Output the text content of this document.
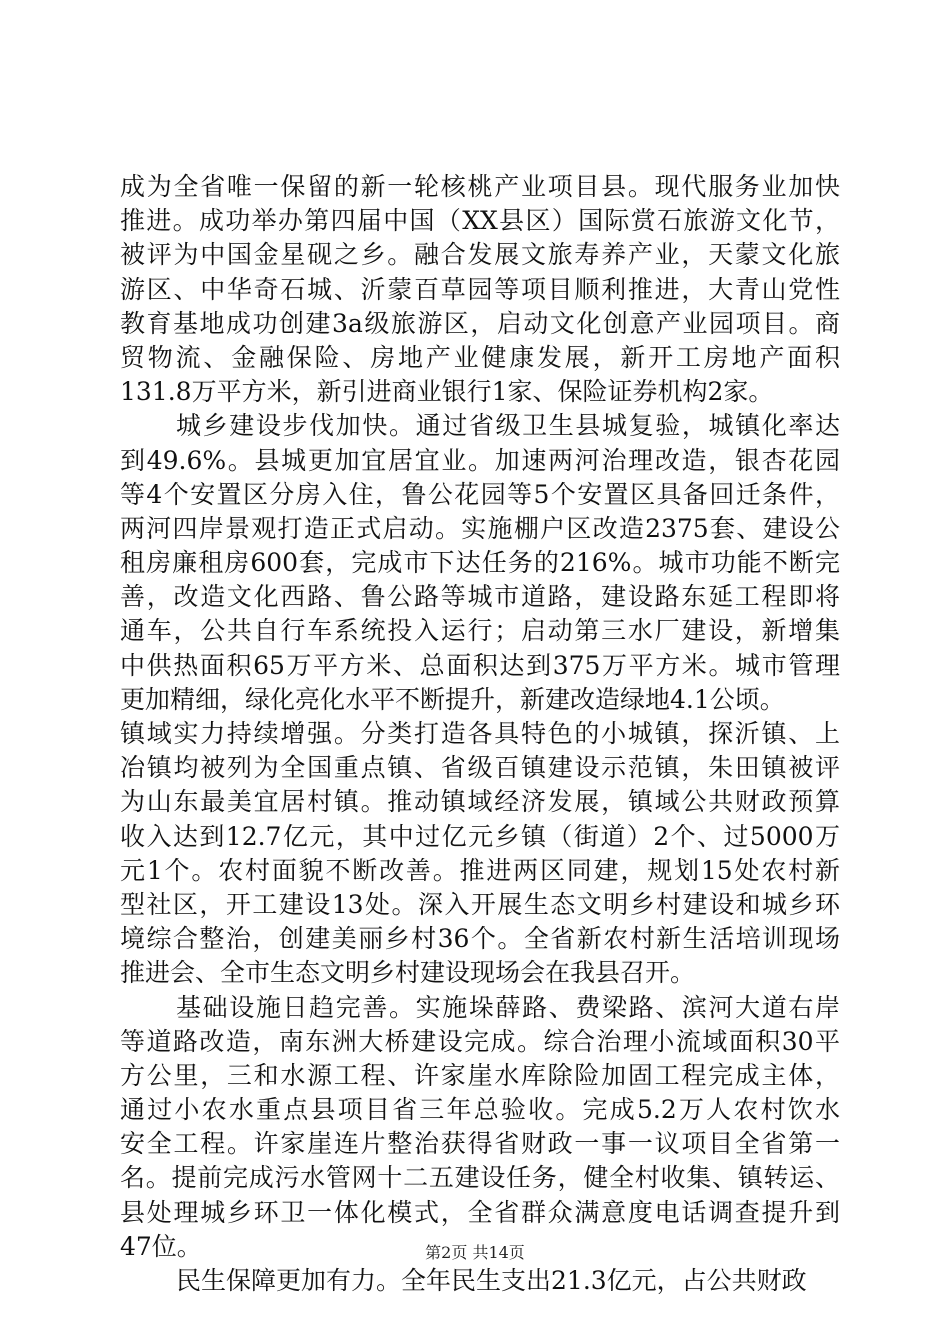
成为全省唯一保留的新一轮核桃产业项目县。现代服务业加快
推进。成功举办第四届中国（XX县区）国际赏石旅游文化节，
被评为中国金星砚之乡。融合发展文旅寿养产业，天蒙文化旅
游区、中华奇石城、沂蒙百草园等项目顺利推进，大青山党性
教育基地成功创建3a级旅游区，启动文化创意产业园项目。商
贸物流、金融保险、房地产业健康发展，新开工房地产面积
131.8万平方米，新引进商业银行1家、保险证券机构2家。
城乡建设步伐加快。通过省级卫生县城复验，城镇化率达
到49.6%。县城更加宜居宜业。加速两河治理改造，银杏花园
等4个安置区分房入住，鲁公花园等5个安置区具备回迁条件，
两河四岸景观打造正式启动。实施棚户区改造2375套、建设公
租房廉租房600套，完成市下达任务的216%。城市功能不断完
善，改造文化西路、鲁公路等城市道路，建设路东延工程即将
通车，公共自行车系统投入运行；启动第三水厂建设，新增集
中供热面积65万平方米、总面积达到375万平方米。城市管理
更加精细，绿化亮化水平不断提升，新建改造绿地4.1公顷。
镇域实力持续增强。分类打造各具特色的小城镇，探沂镇、上
冶镇均被列为全国重点镇、省级百镇建设示范镇，朱田镇被评
为山东最美宜居村镇。推动镇域经济发展，镇域公共财政预算
收入达到12.7亿元，其中过亿元乡镇（街道）2个、过5000万
元1个。农村面貌不断改善。推进两区同建，规划15处农村新
型社区，开工建设13处。深入开展生态文明乡村建设和城乡环
境综合整治，创建美丽乡村36个。全省新农村新生活培训现场
推进会、全市生态文明乡村建设现场会在我县召开。
基础设施日趋完善。实施垛薛路、费梁路、滨河大道右岸
等道路改造，南东洲大桥建设完成。综合治理小流域面积30平
方公里，三和水源工程、许家崖水库除险加固工程完成主体，
通过小农水重点县项目省三年总验收。完成5.2万人农村饮水
安全工程。许家崖连片整治获得省财政一事一议项目全省第一
名。提前完成污水管网十二五建设任务，健全村收集、镇转运、
县处理城乡环卫一体化模式，全省群众满意度电话调查提升到
47位。
民生保障更加有力。全年民生支出21.3亿元，占公共财政
第2页 共14页
